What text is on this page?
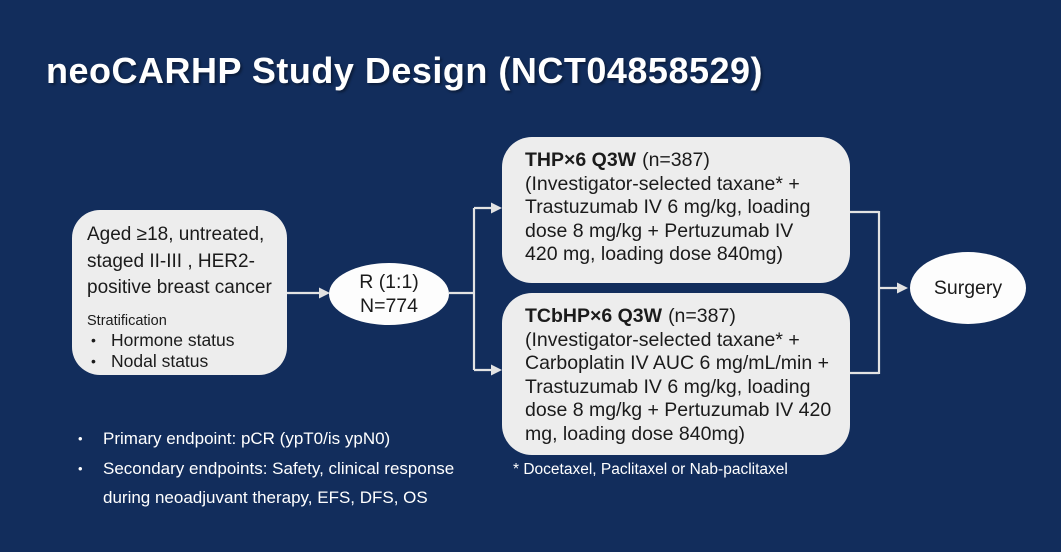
neoCARHP Study Design (NCT04858529)
Aged ≥18, untreated,
staged II-III , HER2-
positive breast cancer
Stratification
• Hormone status
• Nodal status
R (1:1)
N=774
THP×6 Q3W (n=387)
(Investigator-selected taxane* +
Trastuzumab IV 6 mg/kg, loading
dose 8 mg/kg + Pertuzumab IV
420 mg, loading dose 840mg)
TCbHP×6 Q3W (n=387)
(Investigator-selected taxane* +
Carboplatin IV AUC 6 mg/mL/min +
Trastuzumab IV 6 mg/kg, loading
dose 8 mg/kg + Pertuzumab IV 420
mg, loading dose 840mg)
Surgery
•	Primary endpoint: pCR (ypT0/is ypN0)
•	Secondary endpoints: Safety, clinical response
during neoadjuvant therapy, EFS, DFS, OS
* Docetaxel, Paclitaxel or Nab-paclitaxel
